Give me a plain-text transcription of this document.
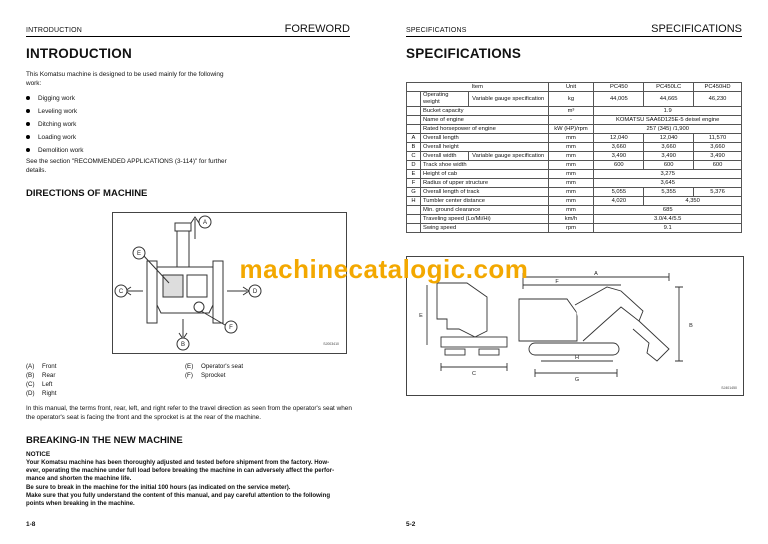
INTRODUCTION	FOREWORD
INTRODUCTION
This Komatsu machine is designed to be used mainly for the following work:
Digging work
Leveling work
Ditching work
Loading work
Demolition work
See the section "RECOMMENDED APPLICATIONS (3-114)" for further details.
DIRECTIONS OF MACHINE
A
B
C	D
E
F
SJ003410
(A) Front
(B) Rear
(C) Left
(D) Right
(E) Operator's seat
(F) Sprocket
In this manual, the terms front, rear, left, and right refer to the travel direction as seen from the operator's seat when the operator's seat is facing the front and the sprocket is at the rear of the machine.
BREAKING-IN THE NEW MACHINE
NOTICE
Your Komatsu machine has been thoroughly adjusted and tested before shipment from the factory. How-
ever, operating the machine under full load before breaking the machine in can adversely affect the perfor-
mance and shorten the machine life.
Be sure to break in the machine for the initial 100 hours (as indicated on the service meter).
Make sure that you fully understand the content of this manual, and pay careful attention to the following
points when breaking in the machine.
1-8
SPECIFICATIONS	SPECIFICATIONS
SPECIFICATIONS
Item			Unit	PC450	PC450LC	PC450HD
	Operating weight	Variable gauge specification	kg	44,005	44,665	46,230
	Bucket capacity		m³	1.9		
	Name of engine		-	KOMATSU SAA6D125E-5 deisel engine		
	Rated horsepower of engine		kW (HP)/rpm	257 (345) /1,900		
A	Overall length		mm	12,040	12,040	11,570
B	Overall height		mm	3,660	3,660	3,660
C	Overall width	Variable gauge specification	mm	3,490	3,490	3,490
D	Track shoe width		mm	600	600	600
E	Height of cab		mm	3,275		
F	Radius of upper structure		mm	3,645		
G	Overall length of track		mm	5,055	5,355	5,376
H	Tumbler center distance		mm	4,020	4,350	
	Min. ground clearance		mm	685		
	Traveling speed (Lo/Mi/Hi)		km/h	3.0/4.4/5.5		
	Swing speed		rpm	9.1		
A
F
B
E
C
H
G
SJ401450
5-2
machinecatalogic.com
